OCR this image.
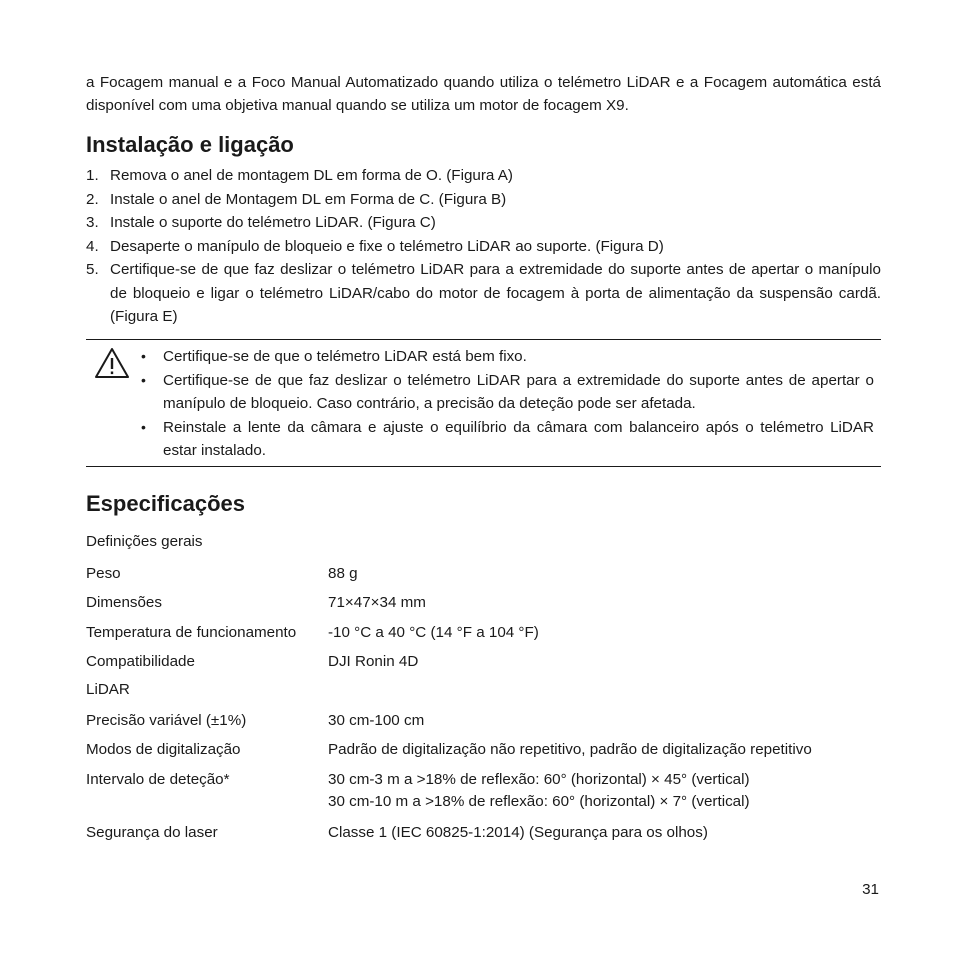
a Focagem manual e a Foco Manual Automatizado quando utiliza o telémetro LiDAR e a Focagem automática está disponível com uma objetiva manual quando se utiliza um motor de focagem X9.

Instalação e ligação
1. Remova o anel de montagem DL em forma de O. (Figura A)
2. Instale o anel de Montagem DL em Forma de C. (Figura B)
3. Instale o suporte do telémetro LiDAR. (Figura C)
4. Desaperte o manípulo de bloqueio e fixe o telémetro LiDAR ao suporte. (Figura D)
5. Certifique-se de que faz deslizar o telémetro LiDAR para a extremidade do suporte antes de apertar o manípulo de bloqueio e ligar o telémetro LiDAR/cabo do motor de focagem à porta de alimentação da suspensão cardã. (Figura E)
•	Certifique-se de que o telémetro LiDAR está bem fixo.
•	Certifique-se de que faz deslizar o telémetro LiDAR para a extremidade do suporte antes de apertar o manípulo de bloqueio. Caso contrário, a precisão da deteção pode ser afetada.
•	Reinstale a lente da câmara e ajuste o equilíbrio da câmara com balanceiro após o telémetro LiDAR estar instalado.
Especificações
Definições gerais
Peso	88 g
Dimensões	71×47×34 mm
Temperatura de funcionamento -10 °C a 40 °C (14 °F a 104 °F)
Compatibilidade	DJI Ronin 4D
LiDAR
Precisão variável (±1%)	30 cm-100 cm
Modos de digitalização	Padrão de digitalização não repetitivo, padrão de digitalização repetitivo
Intervalo de deteção*	30 cm-3 m a >18% de reflexão: 60° (horizontal) × 45° (vertical)
30 cm-10 m a >18% de reflexão: 60° (horizontal) × 7° (vertical)
Segurança do laser	Classe 1 (IEC 60825-1:2014) (Segurança para os olhos)
31
